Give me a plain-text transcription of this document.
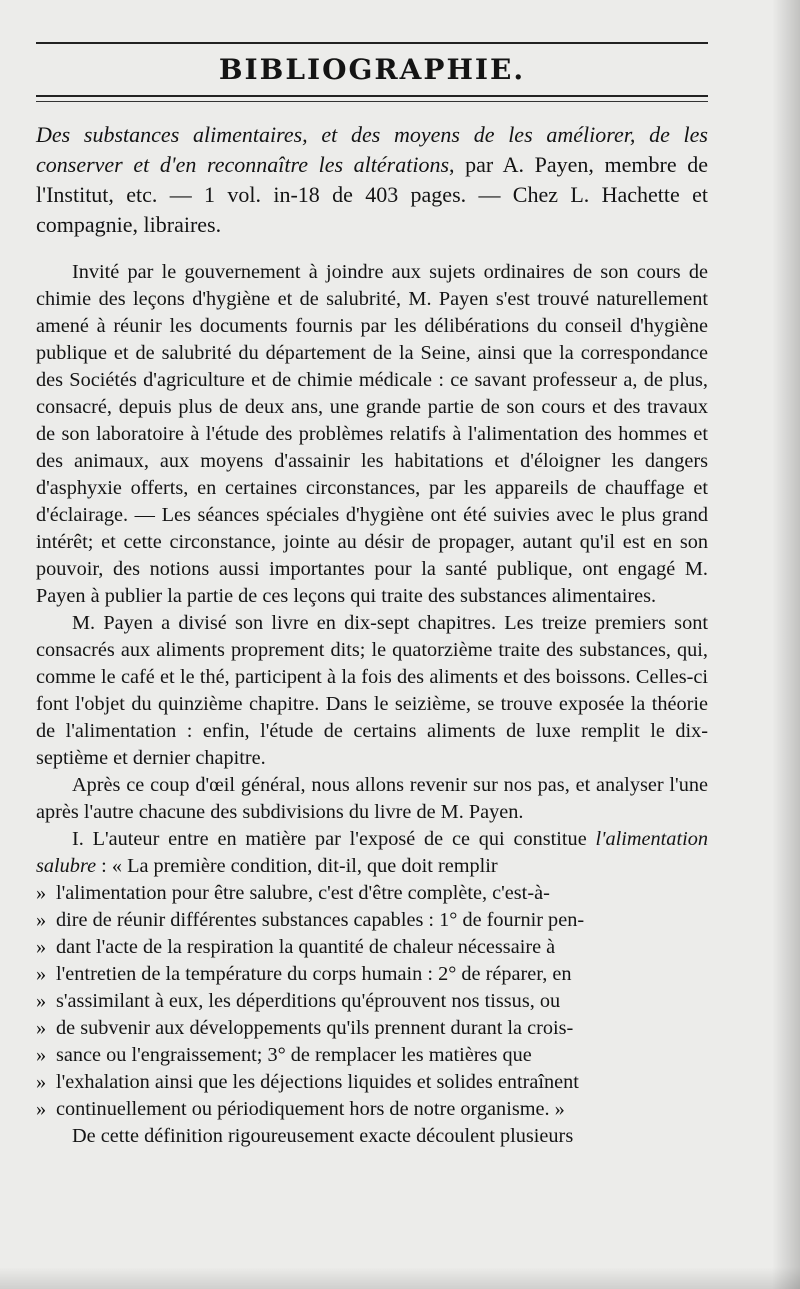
BIBLIOGRAPHIE.
Des substances alimentaires, et des moyens de les améliorer, de les conserver et d'en reconnaître les altérations, par A. Payen, membre de l'Institut, etc. — 1 vol. in-18 de 403 pages. — Chez L. Hachette et compagnie, libraires.

Invité par le gouvernement à joindre aux sujets ordinaires de son cours de chimie des leçons d'hygiène et de salubrité, M. Payen s'est trouvé naturellement amené à réunir les documents fournis par les délibérations du conseil d'hygiène publique et de salubrité du département de la Seine, ainsi que la correspondance des Sociétés d'agriculture et de chimie médicale : ce savant professeur a, de plus, consacré, depuis plus de deux ans, une grande partie de son cours et des travaux de son laboratoire à l'étude des problèmes relatifs à l'alimentation des hommes et des animaux, aux moyens d'assainir les habitations et d'éloigner les dangers d'asphyxie offerts, en certaines circonstances, par les appareils de chauffage et d'éclairage. — Les séances spéciales d'hygiène ont été suivies avec le plus grand intérêt; et cette circonstance, jointe au désir de propager, autant qu'il est en son pouvoir, des notions aussi importantes pour la santé publique, ont engagé M. Payen à publier la partie de ces leçons qui traite des substances alimentaires.

M. Payen a divisé son livre en dix-sept chapitres. Les treize premiers sont consacrés aux aliments proprement dits; le quatorzième traite des substances, qui, comme le café et le thé, participent à la fois des aliments et des boissons. Celles-ci font l'objet du quinzième chapitre. Dans le seizième, se trouve exposée la théorie de l'alimentation : enfin, l'étude de certains aliments de luxe remplit le dix-septième et dernier chapitre.

Après ce coup d'œil général, nous allons revenir sur nos pas, et analyser l'une après l'autre chacune des subdivisions du livre de M. Payen.

I. L'auteur entre en matière par l'exposé de ce qui constitue l'alimentation salubre : « La première condition, dit-il, que doit remplir
» l'alimentation pour être salubre, c'est d'être complète, c'est-à-
» dire de réunir différentes substances capables : 1° de fournir pen-
» dant l'acte de la respiration la quantité de chaleur nécessaire à
» l'entretien de la température du corps humain : 2° de réparer, en
» s'assimilant à eux, les déperditions qu'éprouvent nos tissus, ou
» de subvenir aux développements qu'ils prennent durant la crois-
» sance ou l'engraissement; 3° de remplacer les matières que
» l'exhalation ainsi que les déjections liquides et solides entraînent
» continuellement ou périodiquement hors de notre organisme. »

De cette définition rigoureusement exacte découlent plusieurs
